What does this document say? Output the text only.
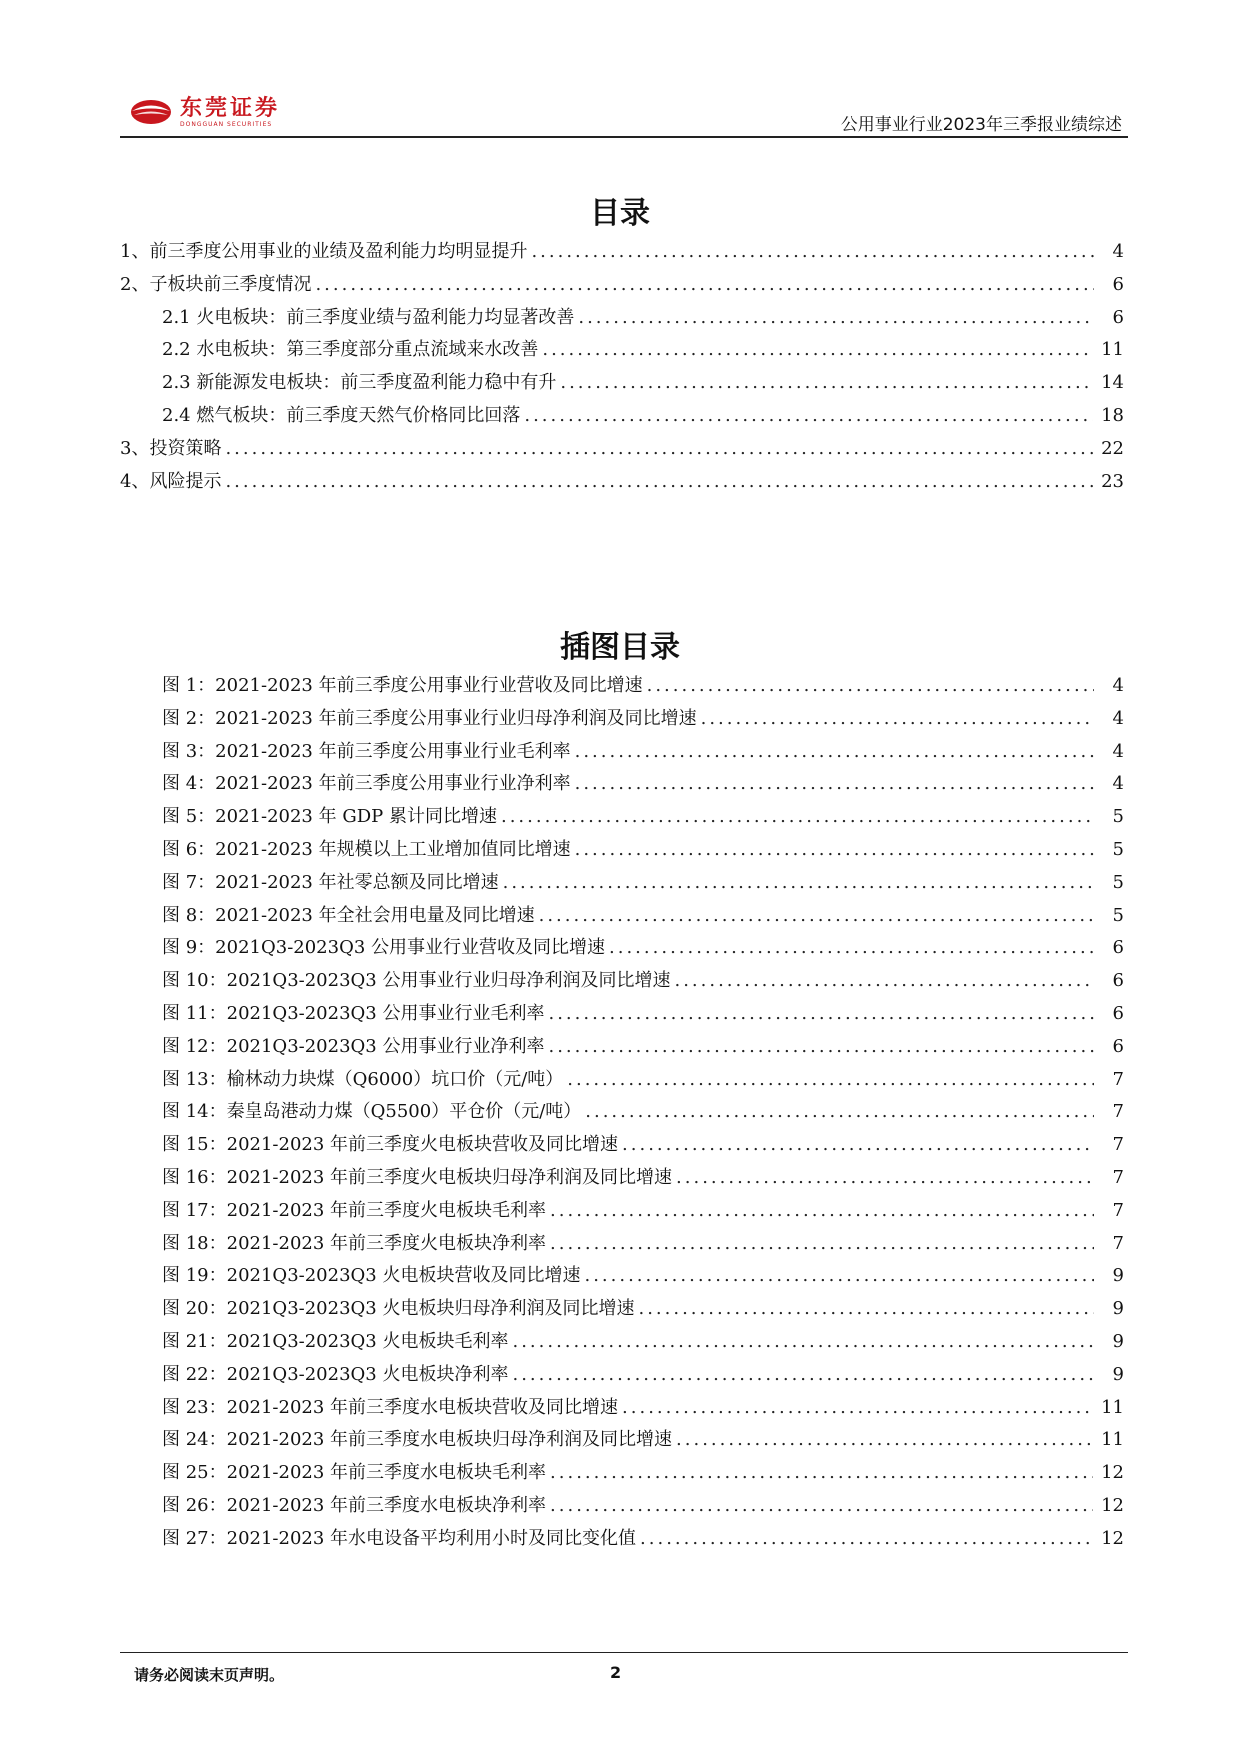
东莞证券
DONGGUAN SECURITIES	公用事业行业2023年三季报业绩综述
目录
1、前三季度公用事业的业绩及盈利能力均明显提升 .....	4
2、子板块前三季度情况 .....	6
2.1 火电板块：前三季度业绩与盈利能力均显著改善 .....	6
2.2 水电板块：第三季度部分重点流域来水改善 .....	11
2.3 新能源发电板块：前三季度盈利能力稳中有升 .....	14
2.4 燃气板块：前三季度天然气价格同比回落 .....	18
3、投资策略 .....	22
4、风险提示 .....	23
插图目录
图 1：2021-2023 年前三季度公用事业行业营收及同比增速 .....	4
图 2：2021-2023 年前三季度公用事业行业归母净利润及同比增速 .....	4
图 3：2021-2023 年前三季度公用事业行业毛利率 .....	4
图 4：2021-2023 年前三季度公用事业行业净利率 .....	4
图 5：2021-2023 年 GDP 累计同比增速 .....	5
图 6：2021-2023 年规模以上工业增加值同比增速 .....	5
图 7：2021-2023 年社零总额及同比增速 .....	5
图 8：2021-2023 年全社会用电量及同比增速 .....	5
图 9：2021Q3-2023Q3 公用事业行业营收及同比增速 .....	6
图 10：2021Q3-2023Q3 公用事业行业归母净利润及同比增速 .....	6
图 11：2021Q3-2023Q3 公用事业行业毛利率 .....	6
图 12：2021Q3-2023Q3 公用事业行业净利率 .....	6
图 13：榆林动力块煤（Q6000）坑口价（元/吨） .....	7
图 14：秦皇岛港动力煤（Q5500）平仓价（元/吨） .....	7
图 15：2021-2023 年前三季度火电板块营收及同比增速 .....	7
图 16：2021-2023 年前三季度火电板块归母净利润及同比增速 .....	7
图 17：2021-2023 年前三季度火电板块毛利率 .....	7
图 18：2021-2023 年前三季度火电板块净利率 .....	7
图 19：2021Q3-2023Q3 火电板块营收及同比增速 .....	9
图 20：2021Q3-2023Q3 火电板块归母净利润及同比增速 .....	9
图 21：2021Q3-2023Q3 火电板块毛利率 .....	9
图 22：2021Q3-2023Q3 火电板块净利率 .....	9
图 23：2021-2023 年前三季度水电板块营收及同比增速 .....	11
图 24：2021-2023 年前三季度水电板块归母净利润及同比增速 .....	11
图 25：2021-2023 年前三季度水电板块毛利率 .....	12
图 26：2021-2023 年前三季度水电板块净利率 .....	12
图 27：2021-2023 年水电设备平均利用小时及同比变化值 .....	12
请务必阅读末页声明。	2
